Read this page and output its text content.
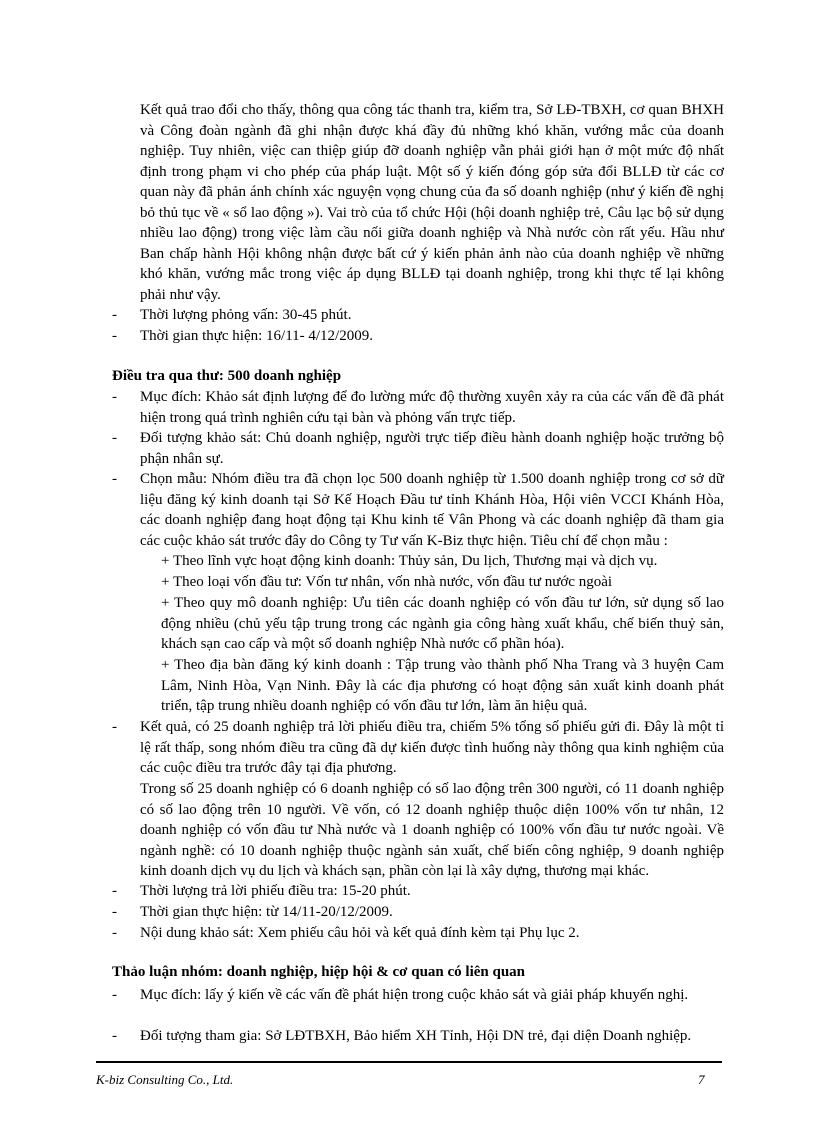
Kết quả trao đổi cho thấy, thông qua công tác thanh tra, kiểm tra, Sở LĐ-TBXH, cơ quan BHXH và Công đoàn ngành đã ghi nhận được khá đầy đủ những khó khăn, vướng mắc của doanh nghiệp. Tuy nhiên, việc can thiệp giúp đỡ doanh nghiệp vẫn phải giới hạn ở một mức độ nhất định trong phạm vi cho phép của pháp luật. Một số ý kiến đóng góp sửa đổi BLLĐ từ các cơ quan này đã phản ánh chính xác nguyện vọng chung của đa số doanh nghiệp (như ý kiến đề nghị bỏ thủ tục về « sổ lao động »). Vai trò của tổ chức Hội (hội doanh nghiệp trẻ, Câu lạc bộ sử dụng nhiều lao động) trong việc làm cầu nối giữa doanh nghiệp và Nhà nước còn rất yếu. Hầu như Ban chấp hành Hội không nhận được bất cứ ý kiến phản ảnh nào của doanh nghiệp về những khó khăn, vướng mắc trong việc áp dụng BLLĐ tại doanh nghiệp, trong khi thực tế lại không phải như vậy.

-	Thời lượng phỏng vấn: 30-45 phút.
-	Thời gian thực hiện: 16/11- 4/12/2009.

Điều tra qua thư: 500 doanh nghiệp

-	Mục đích: Khảo sát định lượng để đo lường mức độ thường xuyên xảy ra của các vấn đề đã phát hiện trong quá trình nghiên cứu tại bàn và phỏng vấn trực tiếp.
-	Đối tượng khảo sát: Chủ doanh nghiệp, người trực tiếp điều hành doanh nghiệp hoặc trưởng bộ phận nhân sự.
-	Chọn mẫu: Nhóm điều tra đã chọn lọc 500 doanh nghiệp từ 1.500 doanh nghiệp trong cơ sở dữ liệu đăng ký kinh doanh tại Sở Kế Hoạch Đầu tư tỉnh Khánh Hòa, Hội viên VCCI Khánh Hòa, các doanh nghiệp đang hoạt động tại Khu kinh tế Vân Phong và các doanh nghiệp đã tham gia các cuộc khảo sát trước đây do Công ty Tư vấn K-Biz thực hiện. Tiêu chí để chọn mẫu :

+ Theo lĩnh vực hoạt động kinh doanh: Thủy sản, Du lịch, Thương mại và dịch vụ.

+ Theo loại vốn đầu tư: Vốn tư nhân, vốn nhà nước, vốn đầu tư nước ngoài

+ Theo quy mô doanh nghiệp: Ưu tiên các doanh nghiệp có vốn đầu tư lớn, sử dụng số lao động nhiều (chủ yếu tập trung trong các ngành gia công hàng xuất khẩu, chế biến thuỷ sản, khách sạn cao cấp và một số doanh nghiệp Nhà nước cổ phần hóa).

+ Theo địa bàn đăng ký kinh doanh : Tập trung vào thành phố Nha Trang và 3 huyện Cam Lâm, Ninh Hòa, Vạn Ninh. Đây là các địa phương có hoạt động sản xuất kinh doanh phát triển, tập trung nhiều doanh nghiệp có vốn đầu tư lớn, làm ăn hiệu quả.

-	Kết quả, có 25 doanh nghiệp trả lời phiếu điều tra, chiếm 5% tổng số phiếu gửi đi. Đây là một tỉ lệ rất thấp, song nhóm điều tra cũng đã dự kiến được tình huống này thông qua kinh nghiệm của các cuộc điều tra trước đây tại địa phương.

Trong số 25 doanh nghiệp có 6 doanh nghiệp có số lao động trên 300 người, có 11 doanh nghiệp có số lao động trên 10 người. Về vốn, có 12 doanh nghiệp thuộc diện 100% vốn tư nhân, 12 doanh nghiệp có vốn đầu tư Nhà nước và 1 doanh nghiệp có 100% vốn đầu tư nước ngoài. Về ngành nghề: có 10 doanh nghiệp thuộc ngành sản xuất, chế biến công nghiệp, 9 doanh nghiệp kinh doanh dịch vụ du lịch và khách sạn, phần còn lại là xây dựng, thương mại khác.

-	Thời lượng trả lời phiếu điều tra: 15-20 phút.
-	Thời gian thực hiện: từ 14/11-20/12/2009.
-	Nội dung khảo sát: Xem phiếu câu hỏi và kết quả đính kèm tại Phụ lục 2.

Thảo luận nhóm: doanh nghiệp, hiệp hội & cơ quan có liên quan

-	Mục đích: lấy ý kiến về các vấn đề phát hiện trong cuộc khảo sát và giải pháp khuyến nghị.
-	Đối tượng tham gia: Sở LĐTBXH, Bảo hiểm XH Tỉnh, Hội DN trẻ, đại diện Doanh nghiệp.
K-biz Consulting Co., Ltd.	7
